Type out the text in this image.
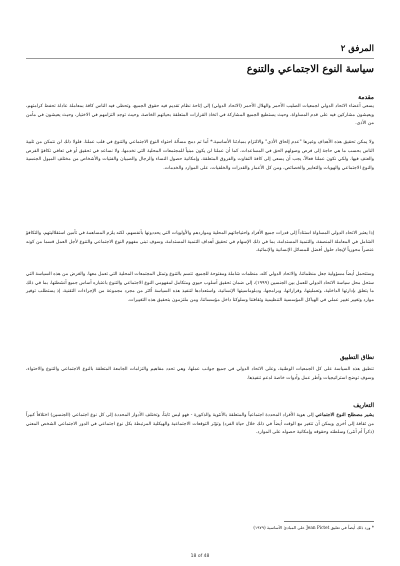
المرفق ٢
سياسة النوع الاجتماعي والتنوع
مقدمة

يسعى أعضاء الاتحاد الدولي لجمعيات الصليب الأحمر والهلال الأحمر (الاتحاد الدولي) إلى إتاحة نظام تقديم فيه حقوق الجميع، وتحظى فيه الناس كافة بمعاملة عادلة تحفظ كرامتهم، ويعيشون مشاركين فيه على قدم المساواة، وحيث يستطيع الجميع المشاركة في اتخاذ القرارات المتعلقة بحياتهم الخاصة، وحيث توجد التزامهم في الاختيار، وحيث يعيشون في مأمن من الأذى.

ولا يمكن تحقيق هذه الأهداف وغيرها "عدم إلحاق الأذى" والالتزام بمبادئنا الأساسية.* أما تم دمج مسألة احتواء النوع الاجتماعي والتنوع في قلب عملنا. فلولا ذلك لن نتمكن من تلبية الناس بحسب ما هي حاجة إلى فرص وصولهم الحق في المساعدات، كما أن عملنا لن يكون مبنياً للمجتمعات المحلية التي نخدمها، ولا نساعد في تحقيق أو في تعافي تكافؤ الفرص والعنف فيها. ولكي نكون عملنا فعالاً، يجب أن يسعى إلى كافة التفاوت والفروق المتعلقة، وإمكانية حصول النساء والرجال والصبيان والفتيات والأشخاص من مختلف الميول الجنسية والنوع الاجتماعي والهويات والتعابير والخصائص، ومن كل الأعمار والقدرات والخلفيات، على الموارد والخدمات.

إذا يعتبر الاتحاد الدولي المساواة استناداً إلى قدرات جميع الأفراد واحتياجاتهم المحلية ومواردهم والأولويات التي يحددونها بأنفسهم، لكنه يلزم المساهمة في تأمين استقلاليتهم، والتكافؤ الشامل في المعاملة المنصفة، والتنمية المستدامة، بما في ذلك الإسهام في تحقيق أهداف التنمية المستدامة، وسوف تبنى مفهوم النوع الاجتماعي والتنوع لأجل العمل قسما من كونه عنصراً محورياً لإيجاد حلول أفضل للمسائل الإنسانية والإنمائية.

وستتحمل أيضاً مسؤولية جعل منظماتنا، والاتحاد الدولي كله، منظمات شاملة ومفتوحة للجميع، تتسم بالتنوع وتمثل المجتمعات المحلية التي تعمل معها. والغرض من هذه السياسة التي ستحل محل سياسة الاتحاد الدولي للعمل بين الجنسين (١٩٩٩)، إلى ضمان تحقيق أسلوب حيوي ومتكامل لمفهومي النوع الاجتماعي والتنوع باعتباره أساس جميع أنشطتها، بما في ذلك ما يتعلق بإدارتها الداخلية، وتعمليتها، وقراراتها، وبرامجها، ودبلوماسيتها الإنسانية، واستعدادها لتنفيذ هذه السياسة أكثر من مجرد مجموعة من الإجراءات التقنية، إذ يستطلب توفير موارد وتغيير تغيير عملي في الهياكل المؤسسية التنظيمية وثقافتنا وسلوكنا داخل مؤسساتنا، ومن ملتزمون بتحقيق هذه التغييرات.

نطاق التطبيق

تنطبق هذه السياسة على كل الجمعيات الوطنية، وعلى الاتحاد الدولي في جميع جوانب عملها، وهي تحدد مفاهيم والتزامات الجامعة المتعلقة بالنوع الاجتماعي والتنوع والاحتواء، وسوف توضح استراتيجيات وأطر عمل وأدوات خاصة لدعم تنفيذها.

التعاريف

يشير مصطلح النوع الاجتماعي إلى هوية الأفراد المحددة اجتماعياً والمتعلقة بالأنثوية والذكورة - فهو ليس ثابتاً، وتختلف الأدوار المحددة إلى كل نوع اجتماعي (الجنسين) اختلافاً كبيراً من ثقافة إلى أخرى ويمكن أن تتغير مع الوقت أيضاً في ذلك خلال حياة الفرد) وتؤثر التوقعات الاجتماعية والهيكلية المرتبطة بكل نوع اجتماعي في الدور الاجتماعي الشخص المعني (ذكراً أم أنثى) وسلطته وحقوقه وإمكانية حصوله على الموارد.

* ورد ذلك أيضاً في تعليق Jean Pictet على المبادئ الأساسية (١٩٧٩)
18 of 48
